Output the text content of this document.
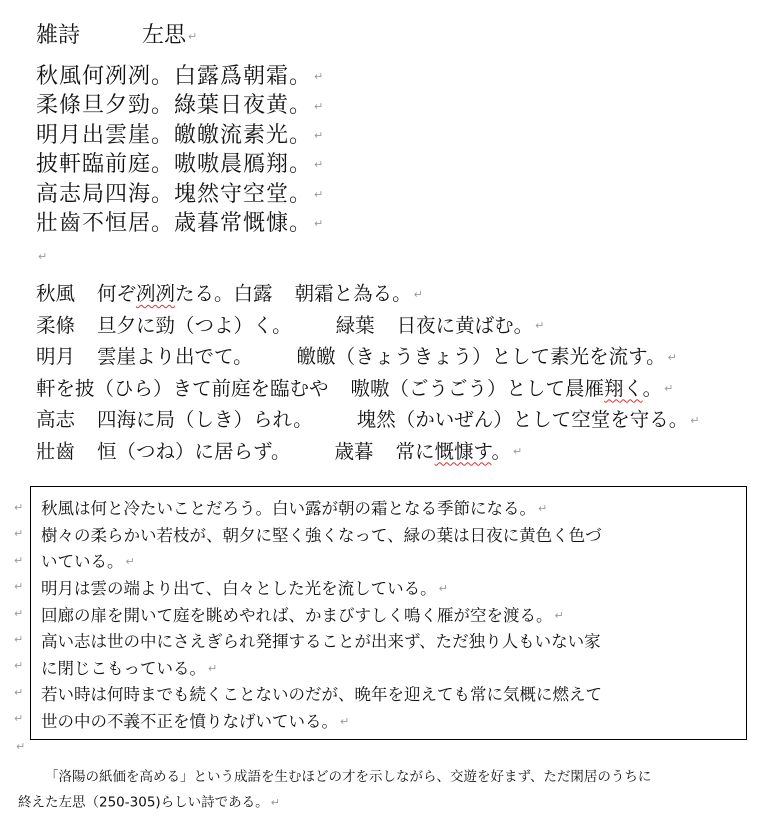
雑詩	左思 ↵
秋風何冽冽。白露爲朝霜。 ↵
柔條旦夕勁。綠葉日夜黄。 ↵
明月出雲崖。皦皦流素光。 ↵
披軒臨前庭。嗷嗷晨鴈翔。 ↵
高志局四海。塊然守空堂。 ↵
壯齒不恒居。歳暮常慨慷。 ↵
↵
秋風 何ぞ冽冽たる。白露 朝霜と為る。 ↵
柔條 旦夕に勁（つよ）く。 緑葉 日夜に黄ばむ。 ↵
明月 雲崖より出でて。 皦皦（きょうきょう）として素光を流す。 ↵
軒を披（ひら）きて前庭を臨むや 嗷嗷（ごうごう）として晨雁翔く。 ↵
高志 四海に局（しき）られ。 塊然（かいぜん）として空堂を守る。 ↵
壯齒 恒（つね）に居らず。 歳暮 常に慨慷す。 ↵
↵
↵
↵
↵
↵
↵
↵
↵
↵
秋風は何と冷たいことだろう。白い露が朝の霜となる季節になる。 ↵
樹々の柔らかい若枝が、朝夕に堅く強くなって、緑の葉は日夜に黄色く色づ
いている。 ↵
明月は雲の端より出て、白々とした光を流している。 ↵
回廊の扉を開いて庭を眺めやれば、かまびすしく鳴く雁が空を渡る。 ↵
高い志は世の中にさえぎられ発揮することが出来ず、ただ独り人もいない家
に閉じこもっている。 ↵
若い時は何時までも続くことないのだが、晩年を迎えても常に気概に燃えて
世の中の不義不正を憤りなげいている。 ↵
↵
「洛陽の紙価を高める」という成語を生むほどの才を示しながら、交遊を好まず、ただ閑居のうちに
終えた左思（250-305)らしい詩である。 ↵
